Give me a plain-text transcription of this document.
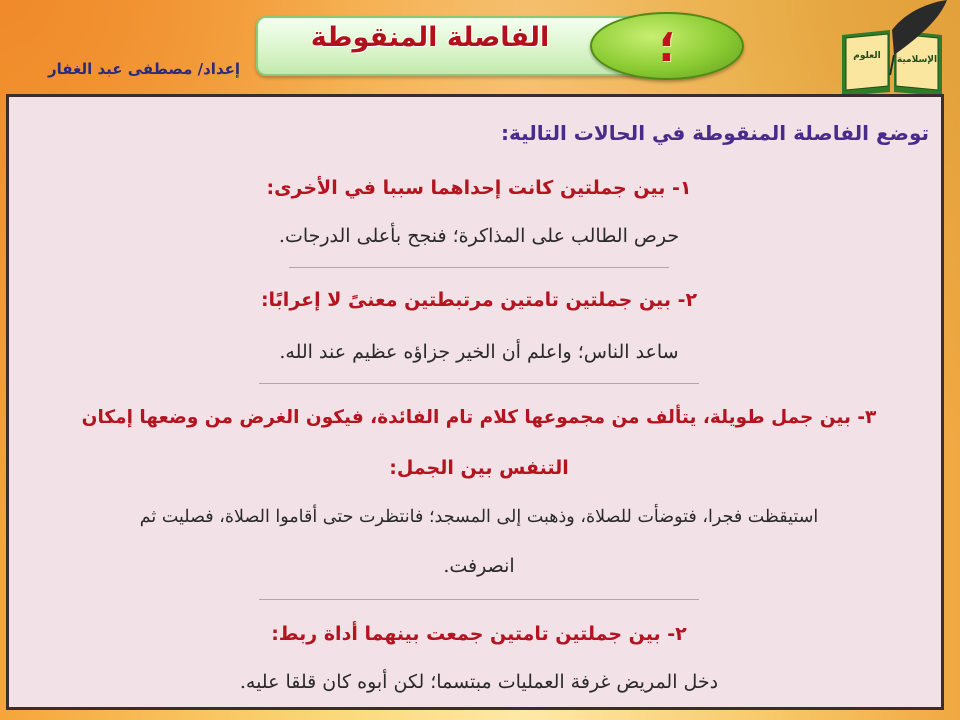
العلوم الإسلامية
الفاصلة المنقوطة	؛
إعداد/ مصطفى عبد الغفار
توضع الفاصلة المنقوطة في الحالات التالية:
١- بين جملتين كانت إحداهما سببا في الأخرى:
حرص الطالب على المذاكرة؛ فنجح بأعلى الدرجات.
٢- بين جملتين تامتين مرتبطتين معنىً لا إعرابًا:
ساعد الناس؛ واعلم أن الخير جزاؤه عظيم عند الله.
٣- بين جمل طويلة، يتألف من مجموعها كلام تام الفائدة، فيكون الغرض من وضعها إمكان
التنفس بين الجمل:
استيقظت فجرا، فتوضأت للصلاة، وذهبت إلى المسجد؛ فانتظرت حتى أقاموا الصلاة، فصليت ثم
انصرفت.
٢- بين جملتين تامتين جمعت بينهما أداة ربط:
دخل المريض غرفة العمليات مبتسما؛ لكن أبوه كان قلقا عليه.
